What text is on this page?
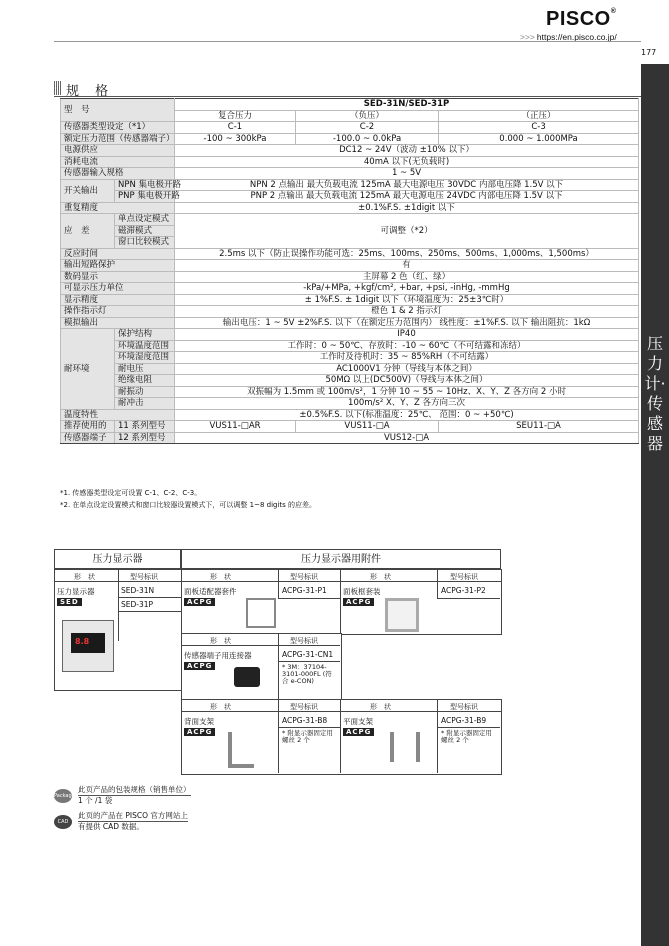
PISCO®
>>> https://en.pisco.co.jp/
177
压力计·传感器
规 格
型　号		SED-31N/SED-31P		
		复合压力	（负压）	（正压）
传感器类型设定（*1）		C-1	C-2	C-3
额定压力范围（传感器端子）		-100 ~ 300kPa	-100.0 ~ 0.0kPa	0.000 ~ 1.000MPa
电源供应		DC12 ~ 24V（波动 ±10% 以下）		
消耗电流		40mA 以下(无负载时)		
传感器输入规格		1 ~ 5V		
开关输出	NPN 集电极开路	NPN 2 点输出 最大负载电流 125mA 最大电源电压 30VDC 内部电压降 1.5V 以下		
	PNP 集电极开路	PNP 2 点输出 最大负载电流 125mA 最大电源电压 24VDC 内部电压降 1.5V 以下		
重复精度		±0.1%F.S. ±1digit 以下		
应　差	单点设定模式	可调整（*2）		
	磁滞模式			
	窗口比较模式			
反应时间		2.5ms 以下（防止误操作功能可选：25ms、100ms、250ms、500ms、1,000ms、1,500ms）		
输出短路保护		有		
数码显示		主屏幕 2 色（红、绿）		
可显示压力单位		-kPa/+MPa, +kgf/cm², +bar, +psi, -inHg, -mmHg		
显示精度		± 1%F.S. ± 1digit 以下（环境温度为：25±3℃时）		
操作指示灯		橙色 1 & 2 指示灯		
模拟输出		输出电压：1 ~ 5V ±2%F.S. 以下（在额定压力范围内） 线性度：±1%F.S. 以下 输出阻抗：1kΩ		
耐环境	保护结构	IP40		
	环境温度范围	工作时：0 ~ 50℃、存放时：-10 ~ 60℃（不可结露和冻结）		
	环境湿度范围	工作时及待机时：35 ~ 85%RH（不可结露）		
	耐电压	AC1000V1 分钟（导线与本体之间）		
	绝缘电阻	50MΩ 以上(DC500V)（导线与本体之间）		
	耐振动	双振幅为 1.5mm 或 100m/s²，1 分钟 10 ~ 55 ~ 10Hz、X、Y、Z 各方向 2 小时		
	耐冲击	100m/s² X、Y、Z 各方向三次		
温度特性		±0.5%F.S. 以下(标准温度：25℃、 范围：0 ~ +50℃)		
推荐使用的	11 系列型号	VUS11-□AR	VUS11-□A	SEU11-□A
传感器端子	12 系列型号	VUS12-□A		
*1. 传感器类型设定可设置 C-1、C-2、C-3。
*2. 在单点设定设置模式和窗口比较器设置模式下，可以调整 1~8 digits 的应差。
压力显示器	压力显示器用附件
形　状	型号标识
压力显示器
SED
SED-31N
SED-31P
8.8
形　状	型号标识	形　状	型号标识
面板适配器套件
ACPG
ACPG-31-P1 面板框套装
ACPG
ACPG-31-P2
形　状	型号标识
传感器端子用连接器
ACPG
ACPG-31-CN1
* 3M：37104-3101-000FL (符合 e-CON)
形　状	型号标识	形　状	型号标识
背面支架
ACPG
ACPG-31-B8
* 附显示器固定用螺丝 2 个
平面支架
ACPG
ACPG-31-B9
* 附显示器固定用螺丝 2 个
Package
此页产品的包装规格（销售单位）
1 个 /1 袋
CAD data
此页的产品在 PISCO 官方网站上
有提供 CAD 数据。
